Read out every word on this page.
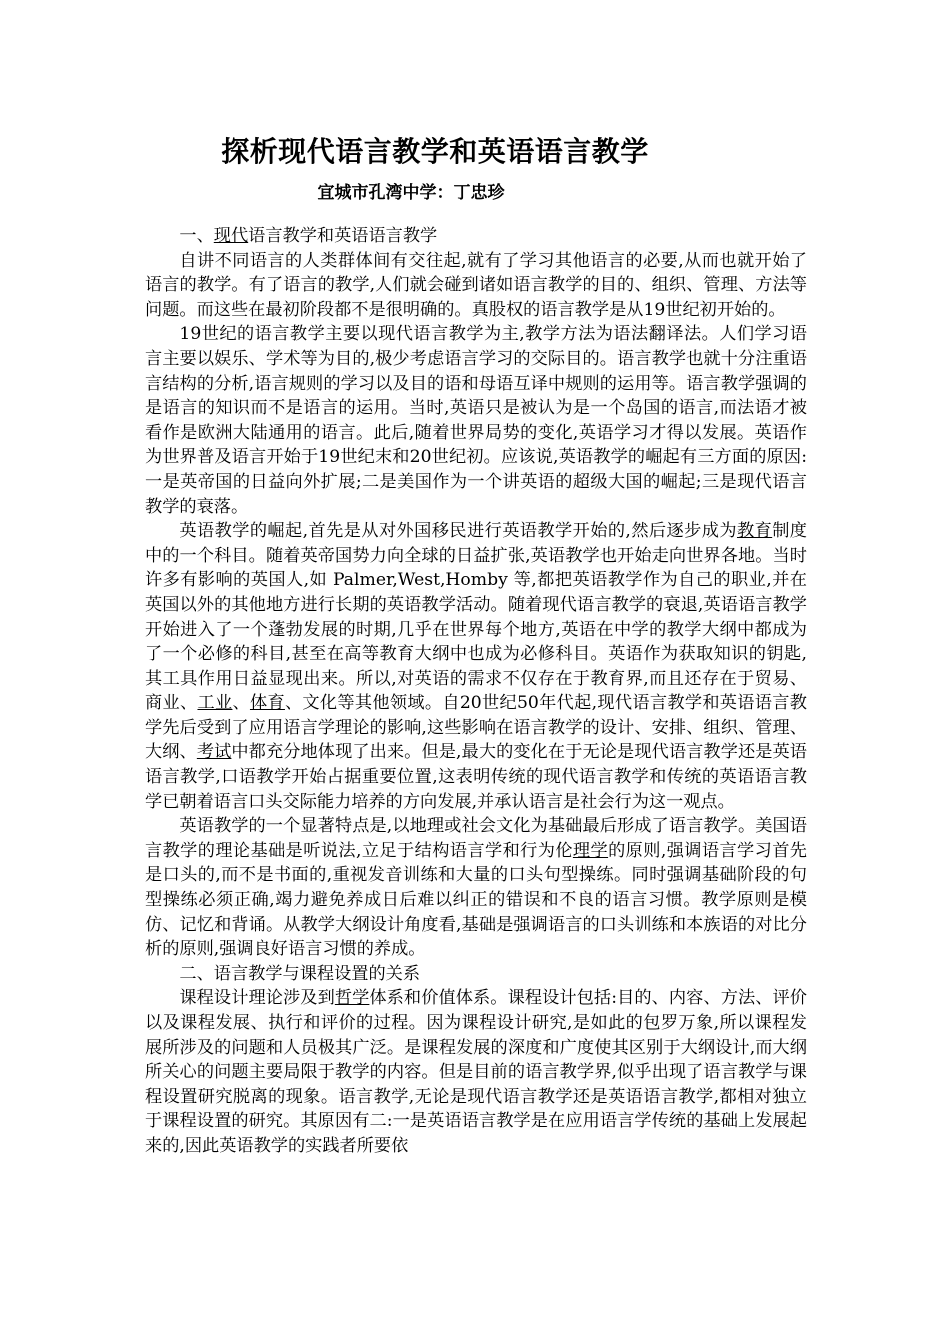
探析现代语言教学和英语语言教学
宜城市孔湾中学：丁忠珍

一、现代语言教学和英语语言教学

自讲不同语言的人类群体间有交往起,就有了学习其他语言的必要,从而也就开始了语言的教学。有了语言的教学,人们就会碰到诸如语言教学的目的、组织、管理、方法等问题。而这些在最初阶段都不是很明确的。真股权的语言教学是从19世纪初开始的。

19世纪的语言教学主要以现代语言教学为主,教学方法为语法翻译法。人们学习语言主要以娱乐、学术等为目的,极少考虑语言学习的交际目的。语言教学也就十分注重语言结构的分析,语言规则的学习以及目的语和母语互译中规则的运用等。语言教学强调的是语言的知识而不是语言的运用。当时,英语只是被认为是一个岛国的语言,而法语才被看作是欧洲大陆通用的语言。此后,随着世界局势的变化,英语学习才得以发展。英语作为世界普及语言开始于19世纪末和20世纪初。应该说,英语教学的崛起有三方面的原因:一是英帝国的日益向外扩展;二是美国作为一个讲英语的超级大国的崛起;三是现代语言教学的衰落。

英语教学的崛起,首先是从对外国移民进行英语教学开始的,然后逐步成为教育制度中的一个科目。随着英帝国势力向全球的日益扩张,英语教学也开始走向世界各地。当时许多有影响的英国人,如 Palmer,West,Homby 等,都把英语教学作为自己的职业,并在英国以外的其他地方进行长期的英语教学活动。随着现代语言教学的衰退,英语语言教学开始进入了一个蓬勃发展的时期,几乎在世界每个地方,英语在中学的教学大纲中都成为了一个必修的科目,甚至在高等教育大纲中也成为必修科目。英语作为获取知识的钥匙,其工具作用日益显现出来。所以,对英语的需求不仅存在于教育界,而且还存在于贸易、商业、工业、体育、文化等其他领域。自20世纪50年代起,现代语言教学和英语语言教学先后受到了应用语言学理论的影响,这些影响在语言教学的设计、安排、组织、管理、大纲、考试中都充分地体现了出来。但是,最大的变化在于无论是现代语言教学还是英语语言教学,口语教学开始占据重要位置,这表明传统的现代语言教学和传统的英语语言教学已朝着语言口头交际能力培养的方向发展,并承认语言是社会行为这一观点。

英语教学的一个显著特点是,以地理或社会文化为基础最后形成了语言教学。美国语言教学的理论基础是听说法,立足于结构语言学和行为伦理学的原则,强调语言学习首先是口头的,而不是书面的,重视发音训练和大量的口头句型操练。同时强调基础阶段的句型操练必须正确,竭力避免养成日后难以纠正的错误和不良的语言习惯。教学原则是模仿、记忆和背诵。从教学大纲设计角度看,基础是强调语言的口头训练和本族语的对比分析的原则,强调良好语言习惯的养成。

二、语言教学与课程设置的关系

课程设计理论涉及到哲学体系和价值体系。课程设计包括:目的、内容、方法、评价以及课程发展、执行和评价的过程。因为课程设计研究,是如此的包罗万象,所以课程发展所涉及的问题和人员极其广泛。是课程发展的深度和广度使其区别于大纲设计,而大纲所关心的问题主要局限于教学的内容。但是目前的语言教学界,似乎出现了语言教学与课程设置研究脱离的现象。语言教学,无论是现代语言教学还是英语语言教学,都相对独立于课程设置的研究。其原因有二:一是英语语言教学是在应用语言学传统的基础上发展起来的,因此英语教学的实践者所要依
